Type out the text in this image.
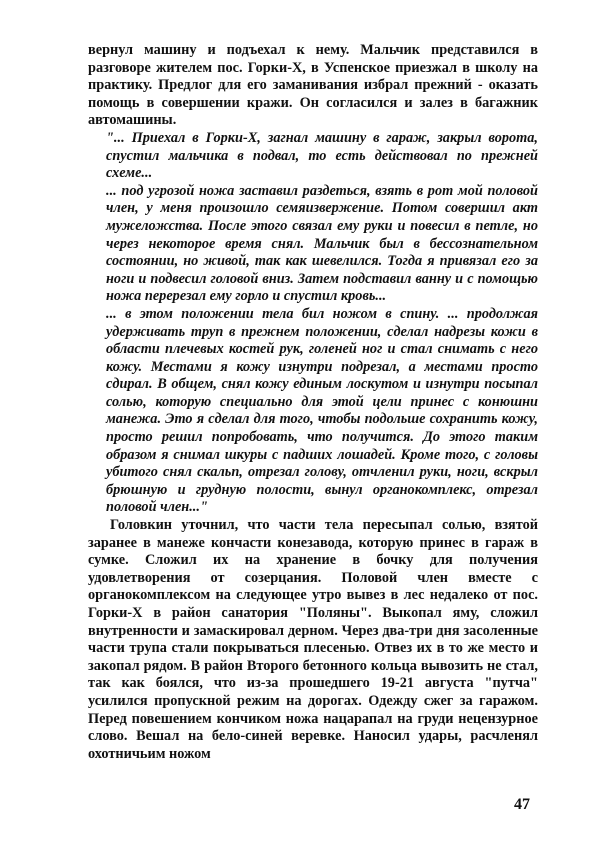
вернул машину и подъехал к нему. Мальчик представился в разговоре жителем пос. Горки-Х, в Успенское приезжал в школу на практику. Предлог для его заманивания избрал прежний - оказать помощь в совершении кражи. Он согласился и залез в багажник автомашины.

"... Приехал в Горки-Х, загнал машину в гараж, закрыл ворота, спустил мальчика в подвал, то есть действовал по прежней схеме...

... под угрозой ножа заставил раздеться, взять в рот мой половой член, у меня произошло семяизвержение. Потом совершил акт мужеложства. После этого связал ему руки и повесил в петле, но через некоторое время снял. Мальчик был в бессознательном состоянии, но живой, так как шевелился. Тогда я привязал его за ноги и подвесил головой вниз. Затем подставил ванну и с помощью ножа перерезал ему горло и спустил кровь...

... в этом положении тела бил ножом в спину. ... продолжая удерживать труп в прежнем положении, сделал надрезы кожи в области плечевых костей рук, голеней ног и стал снимать с него кожу. Местами я кожу изнутри подрезал, а местами просто сдирал. В общем, снял кожу единым лоскутом и изнутри посыпал солью, которую специально для этой цели принес с конюшни манежа. Это я сделал для того, чтобы подольше сохранить кожу, просто решил попробовать, что получится. До этого таким образом я снимал шкуры с падших лошадей. Кроме того, с головы убитого снял скальп, отрезал голову, отчленил руки, ноги, вскрыл брюшную и грудную полости, вынул органокомплекс, отрезал половой член..."

Головкин уточнил, что части тела пересыпал солью, взятой заранее в манеже кончасти конезавода, которую принес в гараж в сумке. Сложил их на хранение в бочку для получения удовлетворения от созерцания. Половой член вместе с органокомплексом на следующее утро вывез в лес недалеко от пос. Горки-Х в район санатория "Поляны". Выкопал яму, сложил внутренности и замаскировал дерном. Через два-три дня засоленные части трупа стали покрываться плесенью. Отвез их в то же место и закопал рядом. В район Второго бетонного кольца вывозить не стал, так как боялся, что из-за прошедшего 19-21 августа "путча" усилился пропускной режим на дорогах. Одежду сжег за гаражом. Перед повешением кончиком ножа нацарапал на груди нецензурное слово. Вешал на бело-синей веревке. Наносил удары, расчленял охотничьим ножом

47
